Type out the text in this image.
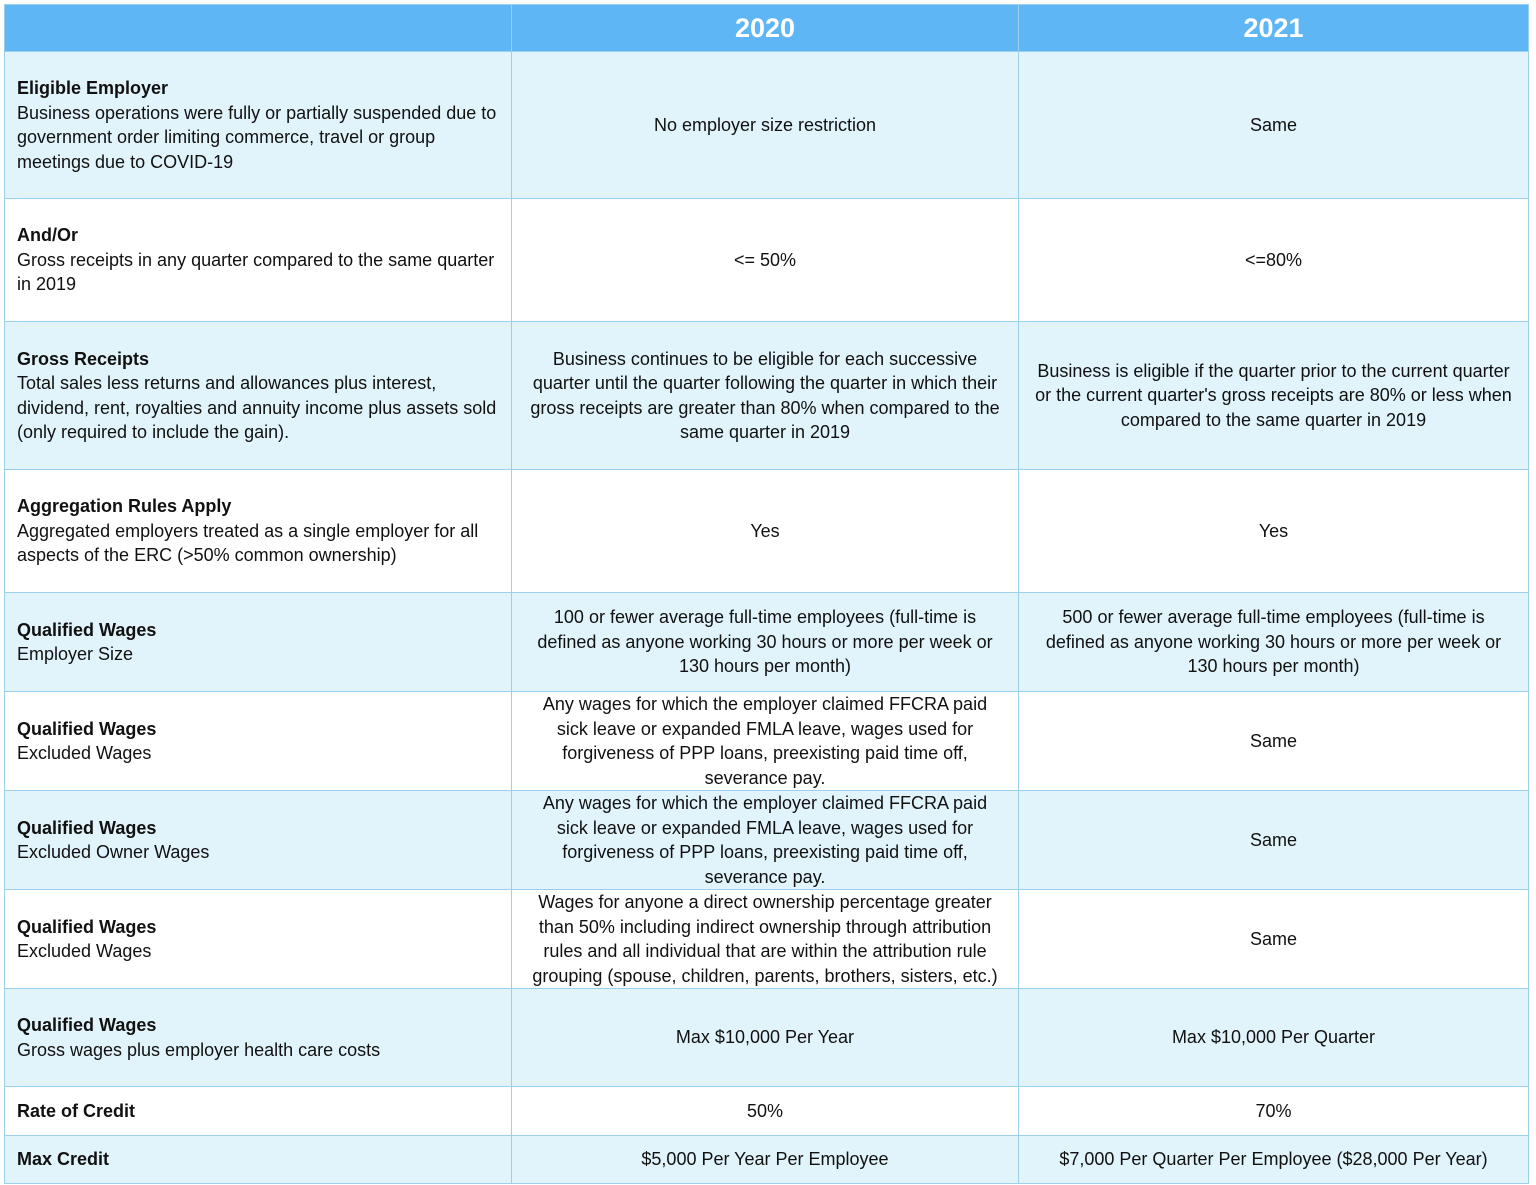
	2020	2021

Eligible Employer
Business operations were fully or partially suspended due to government order limiting commerce, travel or group meetings due to COVID-19	No employer size restriction	Same

And/Or
Gross receipts in any quarter compared to the same quarter in 2019	<= 50%	<=80%

Gross Receipts
Total sales less returns and allowances plus interest, dividend, rent, royalties and annuity income plus assets sold (only required to include the gain).	Business continues to be eligible for each successive quarter until the quarter following the quarter in which their gross receipts are greater than 80% when compared to the same quarter in 2019	Business is eligible if the quarter prior to the current quarter or the current quarter's gross receipts are 80% or less when compared to the same quarter in 2019

Aggregation Rules Apply
Aggregated employers treated as a single employer for all aspects of the ERC (>50% common ownership)	Yes	Yes

Qualified Wages
Employer Size	100 or fewer average full-time employees (full-time is defined as anyone working 30 hours or more per week or 130 hours per month)	500 or fewer average full-time employees (full-time is defined as anyone working 30 hours or more per week or 130 hours per month)

Qualified Wages
Excluded Wages	Any wages for which the employer claimed FFCRA paid sick leave or expanded FMLA leave, wages used for forgiveness of PPP loans, preexisting paid time off, severance pay.	Same

Qualified Wages
Excluded Owner Wages	Any wages for which the employer claimed FFCRA paid sick leave or expanded FMLA leave, wages used for forgiveness of PPP loans, preexisting paid time off, severance pay.	Same

Qualified Wages
Excluded Wages	Wages for anyone a direct ownership percentage greater than 50% including indirect ownership through attribution rules and all individual that are within the attribution rule grouping (spouse, children, parents, brothers, sisters, etc.)	Same

Qualified Wages
Gross wages plus employer health care costs	Max $10,000 Per Year	Max $10,000 Per Quarter

Rate of Credit	50%	70%

Max Credit	$5,000 Per Year Per Employee	$7,000 Per Quarter Per Employee ($28,000 Per Year)
